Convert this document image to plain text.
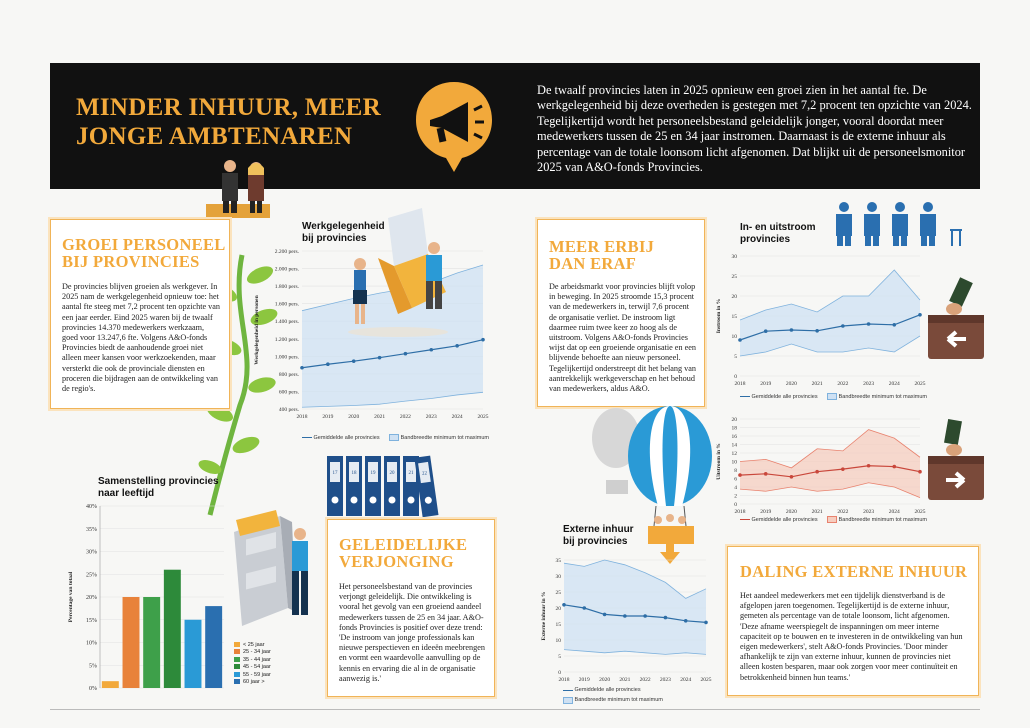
MINDER INHUUR, MEER
JONGE AMBTENAREN
De twaalf provincies laten in 2025 opnieuw een groei zien in het aantal fte. De werkgelegenheid bij deze overheden is gestegen met 7,2 procent ten opzichte van 2024. Tegelijkertijd wordt het personeelsbestand geleidelijk jonger, vooral doordat meer medewerkers tussen de 25 en 34 jaar instromen. Daarnaast is de externe inhuur als percentage van de totale loonsom licht afgenomen. Dat blijkt uit de personeelsmonitor 2025 van A&O-fonds Provincies.
GROEI PERSONEEL
BIJ PROVINCIES

De provincies blijven groeien als werkgever. In 2025 nam de werkgelegenheid opnieuw toe: het aantal fte steeg met 7,2 procent ten opzichte van een jaar eerder. Eind 2025 waren bij de twaalf provincies 14.370 medewerkers werkzaam, goed voor 13.247,6 fte. Volgens A&O-fonds Provincies biedt de aanhoudende groei niet alleen meer kansen voor werkzoekenden, maar versterkt die ook de provinciale diensten en proceren die bijdragen aan de ontwikkeling van de regio's.

Werkgelegenheid
bij provincies
400 pers.
600 pers.
800 pers.
1.000 pers.
1.200 pers.
1.400 pers.
1.600 pers.
1.800 pers.
2.000 pers.
2.200 pers.
2018	2019	2020	2021	2022	2023	2024	2025
Werkgelegenheid in personen
Gemiddelde alle provincies	Bandbreedte minimum tot maximum
17	18	19	20	21 22
Samenstelling provincies
naar leeftijd
0%
5%
10%
15%
20%
25%
30%
35%
40%
Percentage van totaal
< 25 jaar
25 - 34 jaar
35 - 44 jaar
45 - 54 jaar
55 - 59 jaar
60 jaar >
GELEIDELIJKE
VERJONGING

Het personeelsbestand van de provincies verjongt geleidelijk. Die ontwikkeling is vooral het gevolg van een groeiend aandeel medewerkers tussen de 25 en 34 jaar. A&O-fonds Provincies is positief over deze trend: 'De instroom van jonge professionals kan nieuwe perspectieven en ideeën meebrengen en vormt een waardevolle aanvulling op de kennis en ervaring die al in de organisatie aanwezig is.'

MEER ERBIJ
DAN ERAF

De arbeidsmarkt voor provincies blijft volop in beweging. In 2025 stroomde 15,3 procent van de medewerkers in, terwijl 7,6 procent de organisatie verliet. De instroom ligt daarmee ruim twee keer zo hoog als de uitstroom. Volgens A&O-fonds Provincies wijst dat op een groeiende organisatie en een blijvende behoefte aan nieuw personeel. Tegelijkertijd onderstreept dit het belang van aantrekkelijk werkgeverschap en het behoud van medewerkers, aldus A&O.

In- en uitstroom
provincies
0
5
10
15
20
25
30
2018	2019	2020	2021	2022	2023	2024	2025
Instroom in %
Gemiddelde alle provincies	Bandbreedte minimum tot maximum
0
2
4
6
8
10
12
14
16
18
20
2018	2019	2020	2021	2022	2023	2024	2025
Uitstroom in %
Gemiddelde alle provincies	Bandbreedte minimum tot maximum
Externe inhuur
bij provincies
0
5
10
15
20
25
30
35
2018 2019 2020 2021 2022 2023 2024 2025
Externe inhuur in %
Gemiddelde alle provincies
Bandbreedte minimum tot maximum
DALING EXTERNE INHUUR

Het aandeel medewerkers met een tijdelijk dienstverband is de afgelopen jaren toegenomen. Tegelijkertijd is de externe inhuur, gemeten als percentage van de totale loonsom, licht afgenomen. 'Deze afname weerspiegelt de inspanningen om meer interne capaciteit op te bouwen en te investeren in de ontwikkeling van hun eigen medewerkers', stelt A&O-fonds Provincies. 'Door minder afhankelijk te zijn van externe inhuur, kunnen de provincies niet alleen kosten besparen, maar ook zorgen voor meer continuïteit en betrokkenheid binnen hun teams.'
